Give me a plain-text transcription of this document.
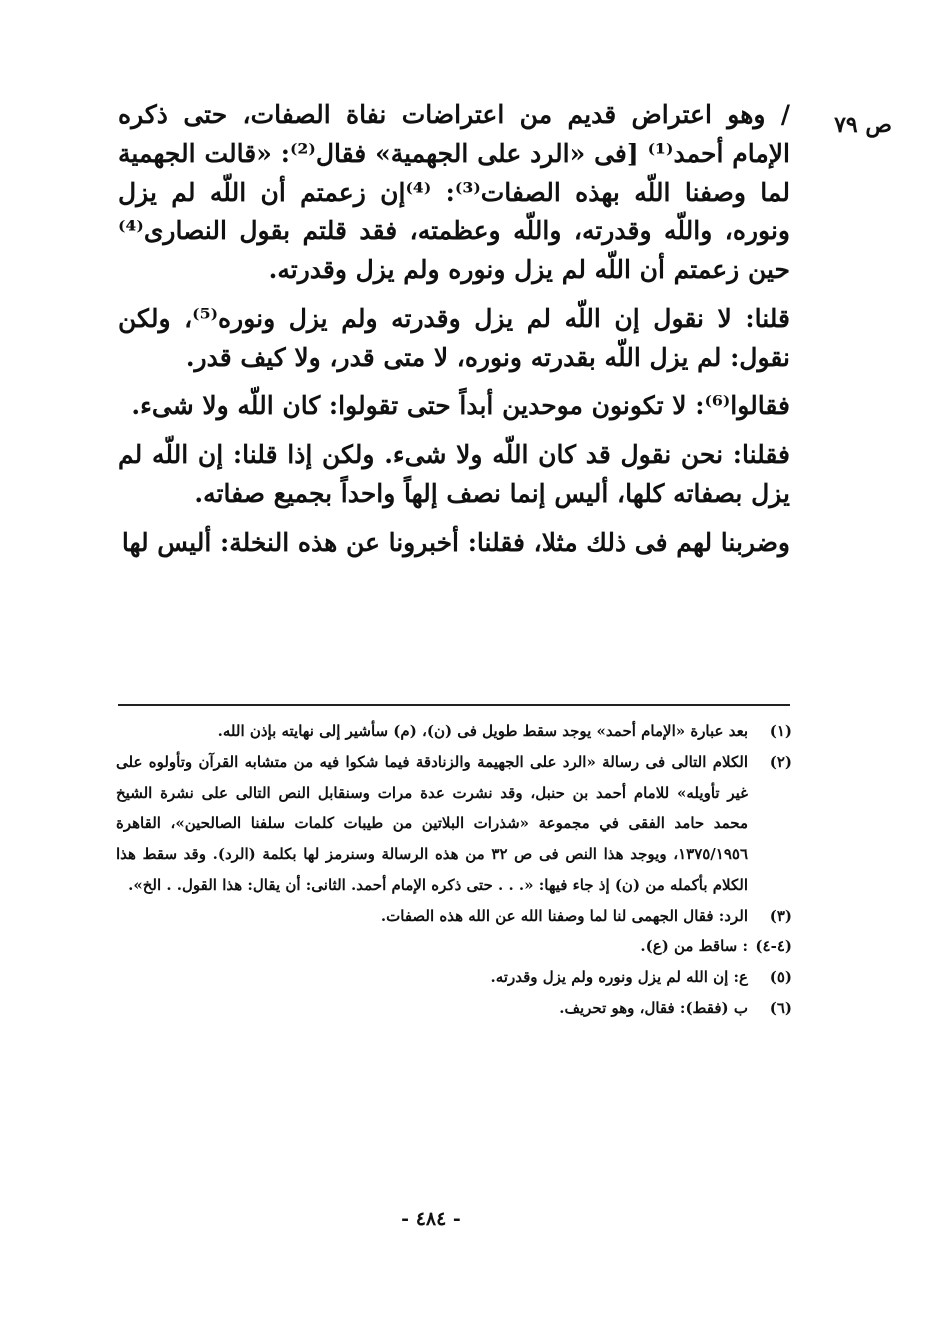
ص ٧٩

/ وهو اعتراض قديم من اعتراضات نفاة الصفات، حتى ذكره الإمام أحمد⁽¹⁾ [فى «الرد على الجهمية» فقال⁽²⁾: «قالت الجهمية لما وصفنا اللّه بهذه الصفات⁽³⁾: ⁽⁴⁾إن زعمتم أن اللّه لم يزل ونوره، واللّه وقدرته، واللّه وعظمته، فقد قلتم بقول النصارى⁽⁴⁾ حين زعمتم أن اللّه لم يزل ونوره ولم يزل وقدرته.

قلنا: لا نقول إن اللّه لم يزل وقدرته ولم يزل ونوره⁽⁵⁾، ولكن نقول: لم يزل اللّه بقدرته ونوره، لا متى قدر، ولا كيف قدر.

فقالوا⁽⁶⁾: لا تكونون موحدين أبداً حتى تقولوا: كان اللّه ولا شىء.

فقلنا: نحن نقول قد كان اللّه ولا شىء. ولكن إذا قلنا: إن اللّه لم يزل بصفاته كلها، أليس إنما نصف إلهاً واحداً بجميع صفاته.

وضربنا لهم فى ذلك مثلا، فقلنا: أخبرونا عن هذه النخلة: أليس لها

(١)
بعد عبارة «الإمام أحمد» يوجد سقط طويل فى (ن)، (م) سأشير إلى نهايته بإذن الله.
(٢)
الكلام التالى فى رسالة «الرد على الجهيمة والزنادقة فيما شكوا فيه من متشابه القرآن وتأولوه على غير تأويله» للامام أحمد بن حنبل، وقد نشرت عدة مرات وسنقابل النص التالى على نشرة الشيخ محمد حامد الفقى في مجموعة «شذرات البلاتين من طيبات كلمات سلفنا الصالحين»، القاهرة ١٣٧٥/١٩٥٦، ويوجد هذا النص فى ص ٣٢ من هذه الرسالة وسنرمز لها بكلمة (الرد). وقد سقط هذا الكلام بأكمله من (ن) إذ جاء فيها: «. . . حتى ذكره الإمام أحمد. الثانى: أن يقال: هذا القول. . الخ».
(٣)
الرد: فقال الجهمى لنا لما وصفنا الله عن الله هذه الصفات.
(٤-٤)
: ساقط من (ع).
(٥)
ع: إن الله لم يزل ونوره ولم يزل وقدرته.
(٦)
ب (فقط): فقال، وهو تحريف.
- ٤٨٤ -
